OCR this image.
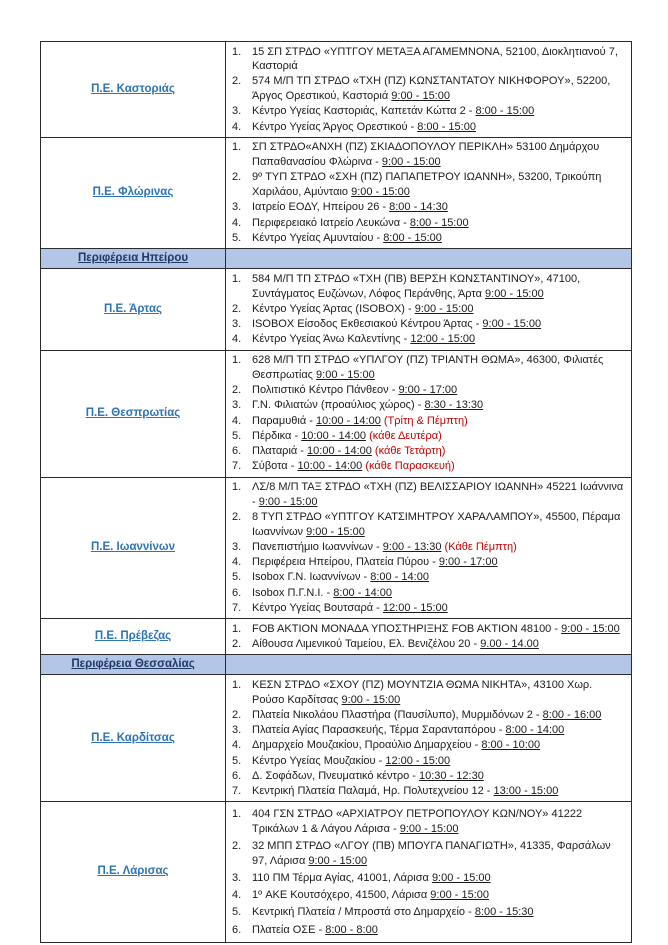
Π.Ε. Καστοριάς	
1. 15 ΣΠ ΣΤΡΔΟ «ΥΠΤΓΟΥ ΜΕΤΑΞΑ ΑΓΑΜΕΜΝΟΝΑ, 52100, Διοκλητιανού 7, Καστοριά
2. 574 Μ/Π ΤΠ ΣΤΡΔΟ «ΤΧΗ (ΠΖ) ΚΩΝΣΤΑΝΤΑΤΟΥ ΝΙΚΗΦΟΡΟΥ», 52200, Άργος Ορεστικού, Καστοριά 9:00 - 15:00
3. Κέντρο Υγείας Καστοριάς, Καπετάν Κώττα 2 - 8:00 - 15:00
4. Κέντρο Υγείας Άργος Ορεστικού - 8:00 - 15:00

Π.Ε. Φλώρινας	
1. ΣΠ ΣΤΡΔΟ«ΑΝΧΗ (ΠΖ) ΣΚΙΑΔΟΠΟΥΛΟΥ ΠΕΡΙΚΛΗ» 53100 Δημάρχου Παπαθανασίου Φλώρινα - 9:00 - 15:00
2. 9º ΤΥΠ ΣΤΡΔΟ «ΣΧΗ (ΠΖ) ΠΑΠΑΠΕΤΡΟΥ ΙΩΑΝΝΗ», 53200, Τρικούπη Χαριλάου, Αμύνταιο 9:00 - 15:00
3. Ιατρείο ΕΟΔΥ, Ηπείρου 26 - 8:00 - 14:30
4. Περιφερειακό Ιατρείο Λευκώνα - 8:00 - 15:00
5. Κέντρο Υγείας Αμυνταίου - 8:00 - 15:00

Περιφέρεια Ηπείρου	
Π.Ε. Άρτας	
1. 584 Μ/Π ΤΠ ΣΤΡΔΟ «ΤΧΗ (ΠΒ) ΒΕΡΣΗ ΚΩΝΣΤΑΝΤΙΝΟΥ», 47100, Συντάγματος Ευζώνων, Λόφος Περάνθης, Άρτα 9:00 - 15:00
2. Κέντρο Υγείας Άρτας (ISOBOX) - 9:00 - 15:00
3. ISOBOX Είσοδος Εκθεσιακού Κέντρου Άρτας - 9:00 - 15:00
4. Κέντρο Υγείας Άνω Καλεντίνης - 12:00 - 15:00

Π.Ε. Θεσπρωτίας	
1. 628 Μ/Π ΤΠ ΣΤΡΔΟ «ΥΠΛΓΟΥ (ΠΖ) ΤΡΙΑΝΤΗ ΘΩΜΑ», 46300, Φιλιατές Θεσπρωτίας 9:00 - 15:00
2. Πολιτιστικό Κέντρο Πάνθεον - 9:00 - 17:00
3. Γ.Ν. Φιλιατών (προαύλιος χώρος) - 8:30 - 13:30
4. Παραμυθιά - 10:00 - 14:00 (Τρίτη & Πέμπτη)
5. Πέρδικα - 10:00 - 14:00 (κάθε Δευτέρα)
6. Πλαταριά - 10:00 - 14:00 (κάθε Τετάρτη)
7. Σύβοτα - 10:00 - 14:00 (κάθε Παρασκευή)

Π.Ε. Ιωαννίνων	
1. ΛΣ/8 Μ/Π ΤΑΞ ΣΤΡΔΟ «ΤΧΗ (ΠΖ) ΒΕΛΙΣΣΑΡΙΟΥ ΙΩΑΝΝΗ» 45221 Ιωάννινα - 9:00 - 15:00
2. 8 ΤΥΠ ΣΤΡΔΟ «ΥΠΤΓΟΥ ΚΑΤΣΙΜΗΤΡΟΥ ΧΑΡΑΛΑΜΠΟΥ», 45500, Πέραμα Ιωαννίνων 9:00 - 15:00
3. Πανεπιστήμιο Ιωαννίνων - 9:00 - 13:30 (Κάθε Πέμπτη)
4. Περιφέρεια Ηπείρου, Πλατεία Πύρου - 9:00 - 17:00
5. Isobox Γ.Ν. Ιωαννίνων - 8:00 - 14:00
6. Isobox Π.Γ.Ν.Ι. - 8:00 - 14:00
7. Κέντρο Υγείας Βουτσαρά - 12:00 - 15:00

Π.Ε. Πρέβεζας	1. FOB AKTION ΜΟΝΑΔΑ ΥΠΟΣΤΗΡΙΞΗΣ FOB AKTION 48100 - 9:00 - 15:00
2. Αίθουσα Λιμενικού Ταμείου, Ελ. Βενιζέλου 20 - 9.00 - 14.00

Περιφέρεια Θεσσαλίας	
Π.Ε. Καρδίτσας	
1. ΚΕΣΝ ΣΤΡΔΟ «ΣΧΟΥ (ΠΖ) ΜΟΥΝΤΖΙΑ ΘΩΜΑ ΝΙΚΗΤΑ», 43100 Χωρ. Ρούσο Καρδίτσας 9:00 - 15:00
2. Πλατεία Νικολάου Πλαστήρα (Παυσίλυπο), Μυρμιδόνων 2 - 8:00 - 16:00
3. Πλατεία Αγίας Παρασκευής, Τέρμα Σαρανταπόρου - 8:00 - 14:00
4. Δημαρχείο Μουζακίου, Προαύλιο Δημαρχείου - 8:00 - 10:00
5. Κέντρο Υγείας Μουζακίου - 12:00 - 15:00
6. Δ. Σοφάδων, Πνευματικό κέντρο - 10:30 - 12:30
7. Κεντρική Πλατεία Παλαμά, Ηρ. Πολυτεχνείου 12 - 13:00 - 15:00

Π.Ε. Λάρισας	
1. 404 ΓΣΝ ΣΤΡΔΟ «ΑΡΧΙΑΤΡΟΥ ΠΕΤΡΟΠΟΥΛΟΥ ΚΩΝ/ΝΟΥ» 41222 Τρικάλων 1 & Λάγου Λάρισα - 9:00 - 15:00
2. 32 ΜΠΠ ΣΤΡΔΟ «ΛΓΟΥ (ΠΒ) ΜΠΟΥΓΑ ΠΑΝΑΓΙΩΤΗ», 41335, Φαρσάλων 97, Λάρισα 9:00 - 15:00
3. 110 ΠΜ Τέρμα Αγίας, 41001, Λάρισα 9:00 - 15:00
4. 1º ΑΚΕ Κουτσόχερο, 41500, Λάρισα 9:00 - 15:00
5. Κεντρική Πλατεία / Μπροστά στο Δημαρχείο - 8:00 - 15:30
6. Πλατεία ΟΣΕ - 8:00 - 8:00
